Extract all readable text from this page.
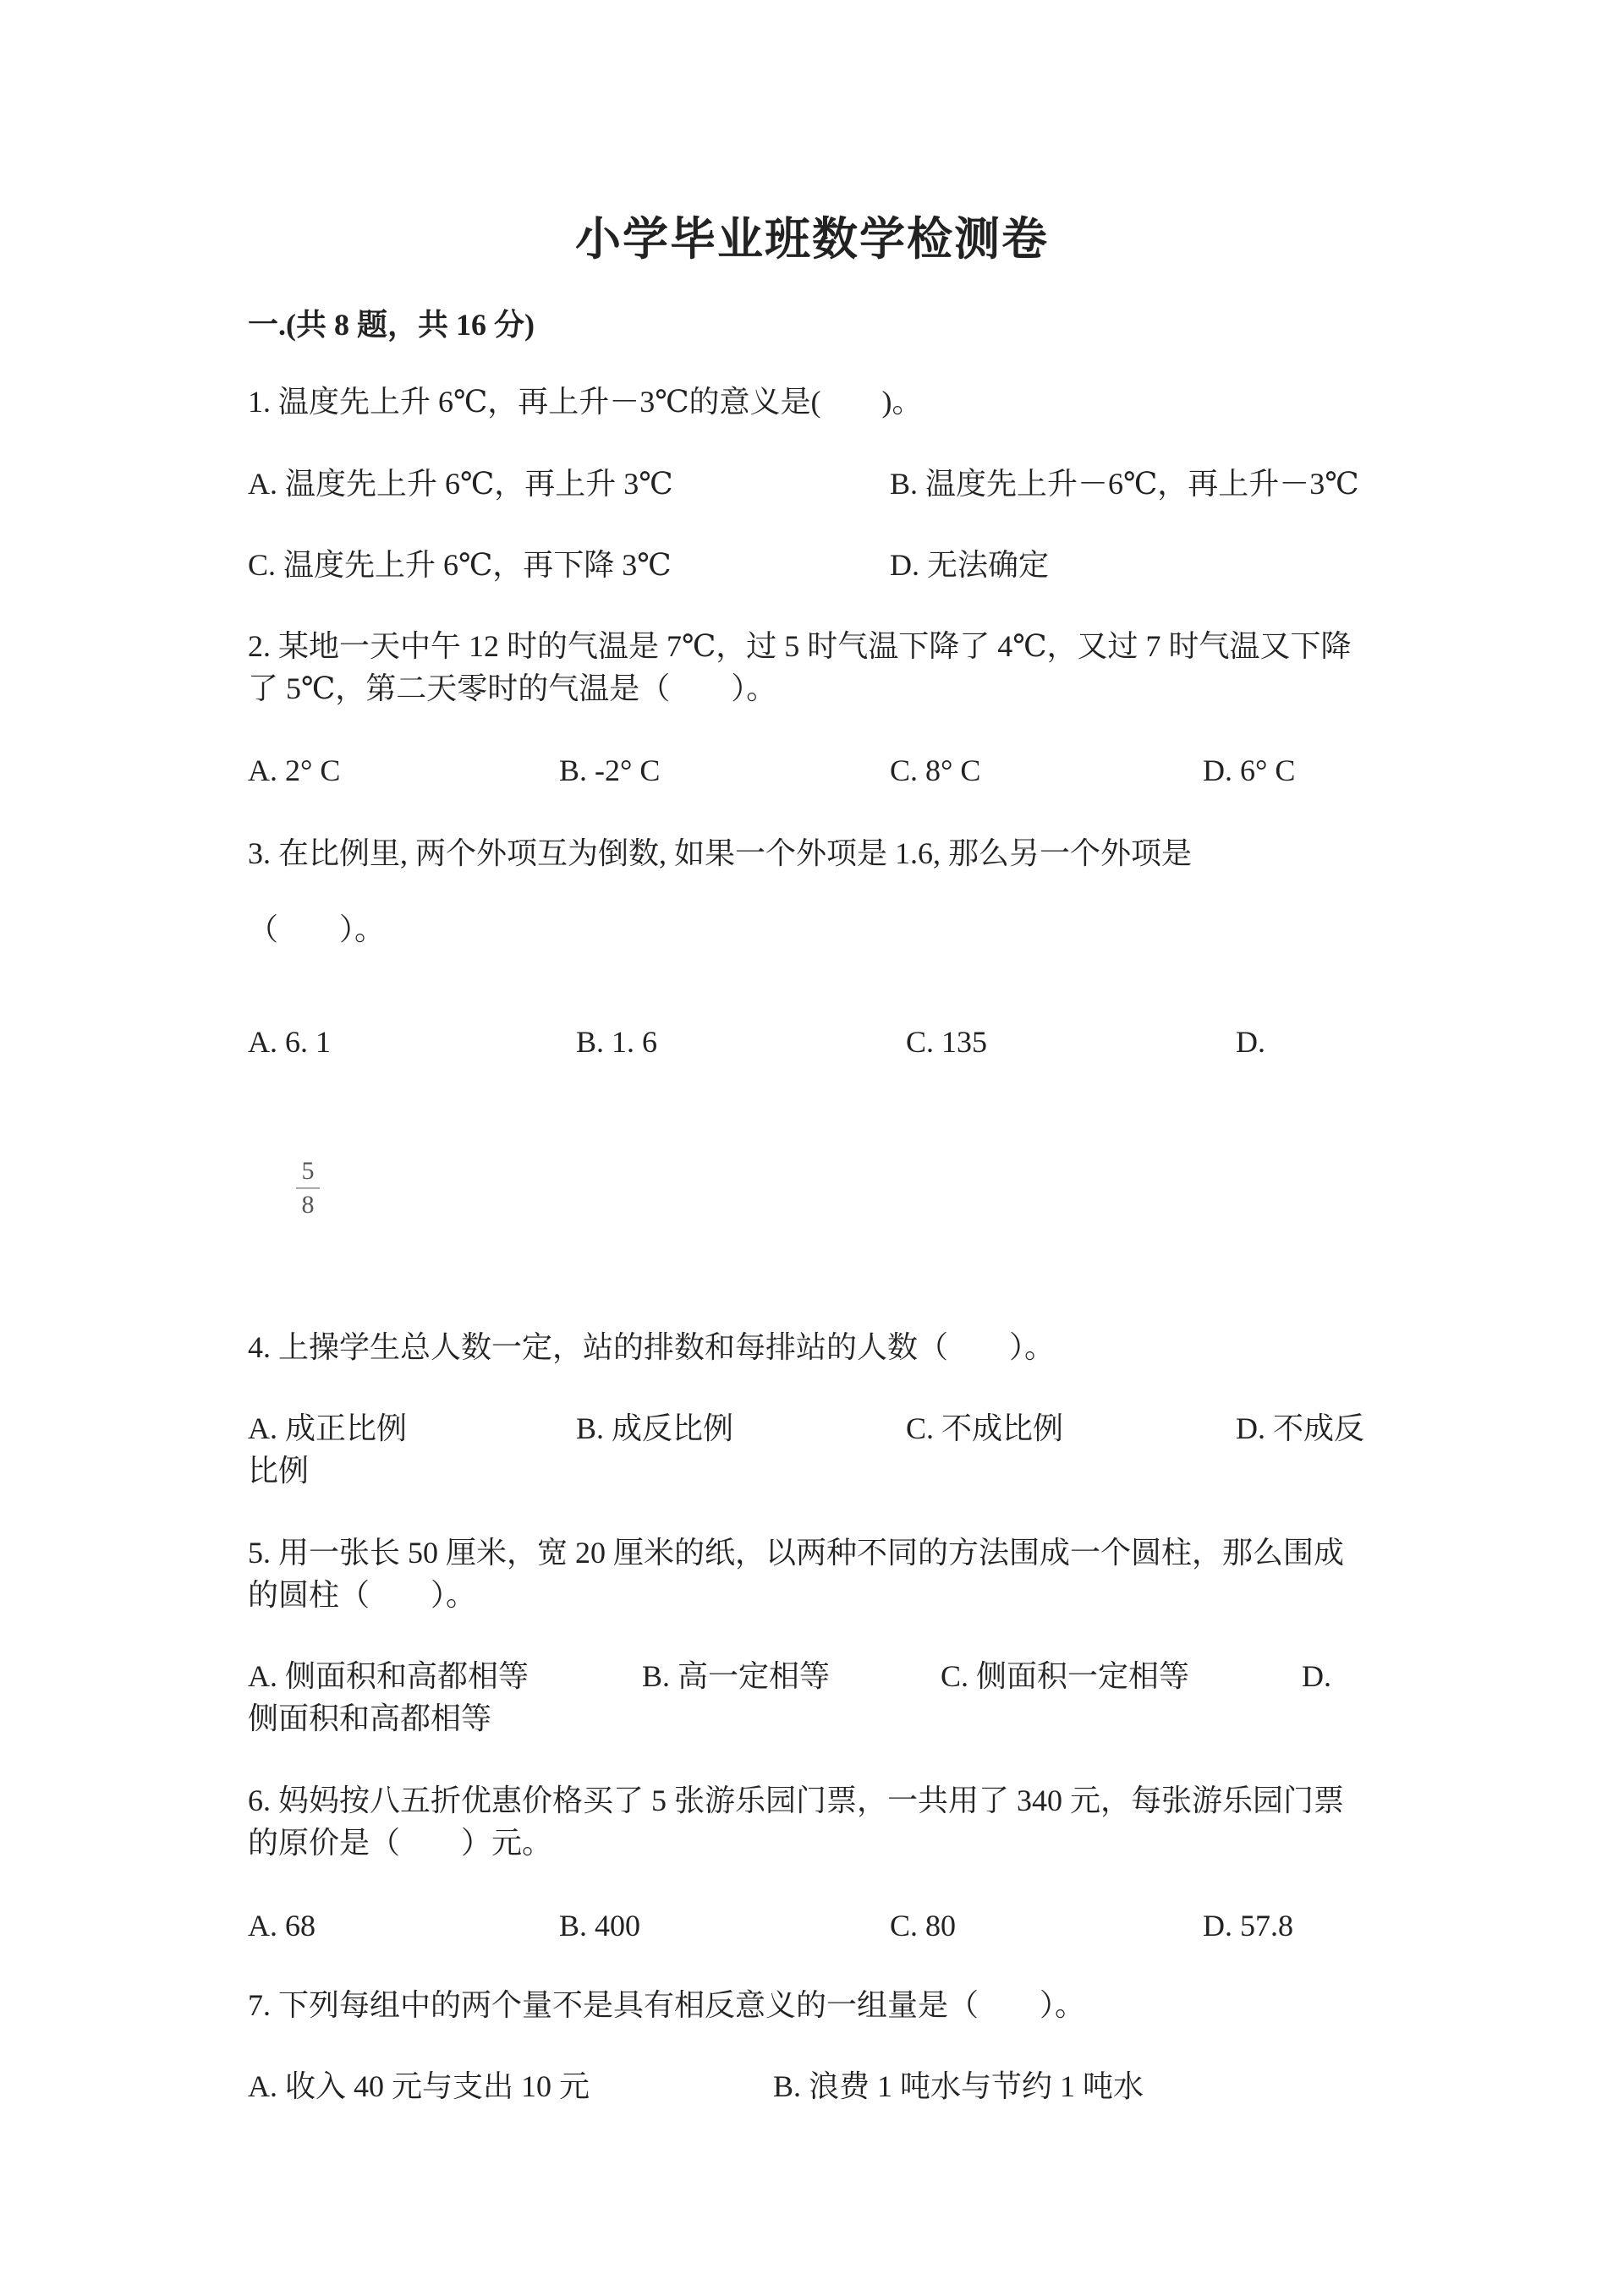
小学毕业班数学检测卷
一.(共 8 题，共 16 分)
1. 温度先上升 6℃，再上升－3℃的意义是(　　)。
A. 温度先上升 6℃，再上升 3℃	B. 温度先上升－6℃，再上升－3℃
C. 温度先上升 6℃，再下降 3℃	D. 无法确定
2. 某地一天中午 12 时的气温是 7℃，过 5 时气温下降了 4℃，又过 7 时气温又下降了 5℃，第二天零时的气温是（　　）。
A. 2° C	B. -2° C	C. 8° C	D. 6° C
3. 在比例里, 两个外项互为倒数, 如果一个外项是 1.6, 那么另一个外项是
（　　）。
A. 6. 1	B. 1. 6	C. 135	D.
5
8
4. 上操学生总人数一定，站的排数和每排站的人数（　　）。
A. 成正比例	B. 成反比例	C. 不成比例	D. 不成反比例
5. 用一张长 50 厘米，宽 20 厘米的纸，以两种不同的方法围成一个圆柱，那么围成的圆柱（　　）。
A. 侧面积和高都相等	B. 高一定相等	C. 侧面积一定相等	D. 侧面积和高都相等
6. 妈妈按八五折优惠价格买了 5 张游乐园门票，一共用了 340 元，每张游乐园门票的原价是（　　）元。
A. 68	B. 400	C. 80	D. 57.8
7. 下列每组中的两个量不是具有相反意义的一组量是（　　）。
A. 收入 40 元与支出 10 元	B. 浪费 1 吨水与节约 1 吨水
